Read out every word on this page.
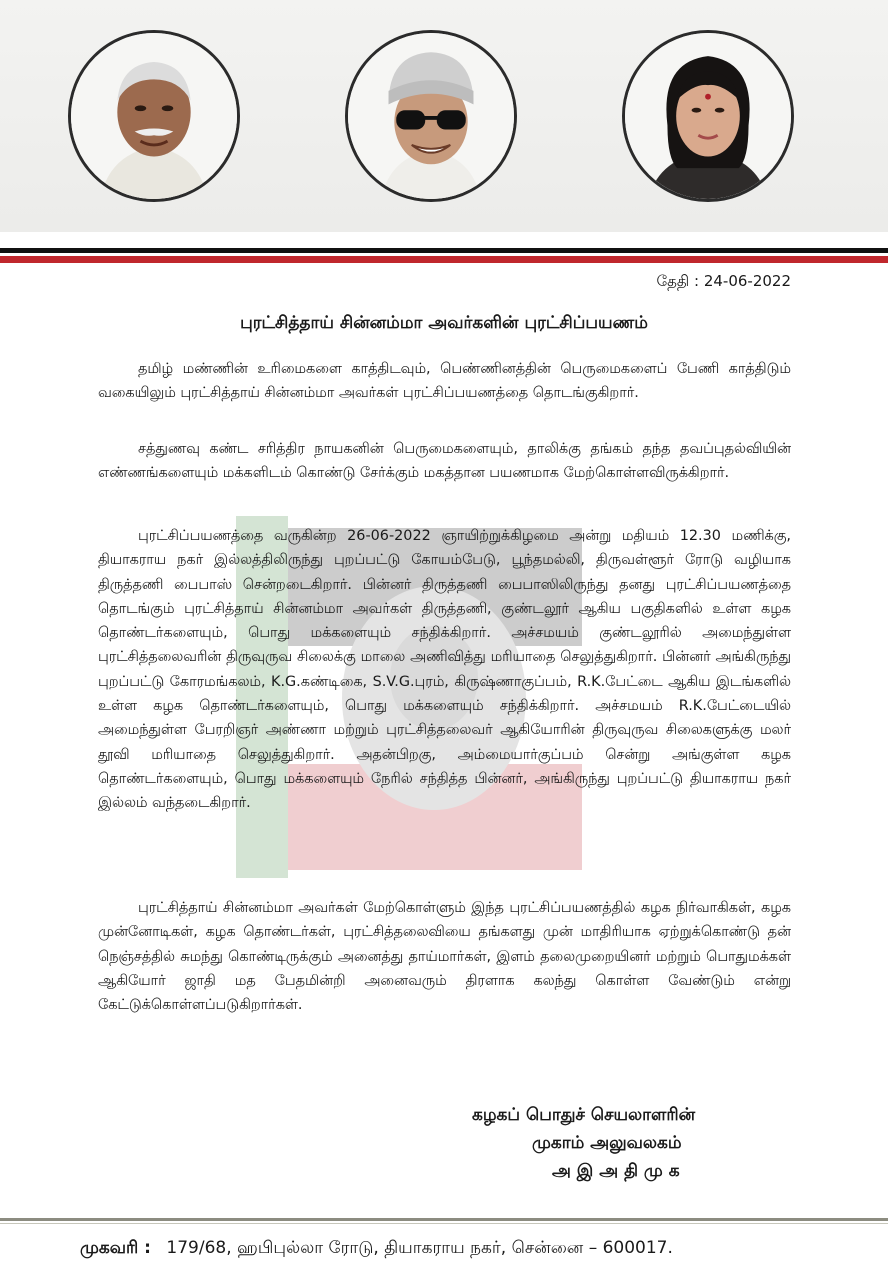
தேதி : 24-06-2022
புரட்சித்தாய் சின்னம்மா அவர்களின் புரட்சிப்பயணம்

தமிழ் மண்ணின் உரிமைகளை காத்திடவும், பெண்ணினத்தின் பெருமைகளைப் பேணி காத்திடும் வகையிலும் புரட்சித்தாய் சின்னம்மா அவர்கள் புரட்சிப்பயணத்தை தொடங்குகிறார்.

சத்துணவு கண்ட சரித்திர நாயகனின் பெருமைகளையும், தாலிக்கு தங்கம் தந்த தவப்புதல்வியின் எண்ணங்களையும் மக்களிடம் கொண்டு சேர்க்கும் மகத்தான பயணமாக மேற்கொள்ளவிருக்கிறார்.

புரட்சிப்பயணத்தை வருகின்ற 26-06-2022 ஞாயிற்றுக்கிழமை அன்று மதியம் 12.30 மணிக்கு, தியாகராய நகர் இல்லத்திலிருந்து புறப்பட்டு கோயம்பேடு, பூந்தமல்லி, திருவள்ளூர் ரோடு வழியாக திருத்தணி பைபாஸ் சென்றடைகிறார். பின்னர் திருத்தணி பைபாஸிலிருந்து தனது புரட்சிப்பயணத்தை தொடங்கும் புரட்சித்தாய் சின்னம்மா அவர்கள் திருத்தணி, குண்டலூர் ஆகிய பகுதிகளில் உள்ள கழக தொண்டர்களையும், பொது மக்களையும் சந்திக்கிறார். அச்சமயம் குண்டலூரில் அமைந்துள்ள புரட்சித்தலைவரின் திருவுருவ சிலைக்கு மாலை அணிவித்து மரியாதை செலுத்துகிறார். பின்னர் அங்கிருந்து புறப்பட்டு கோரமங்கலம், K.G.கண்டிகை, S.V.G.புரம், கிருஷ்ணாகுப்பம், R.K.பேட்டை ஆகிய இடங்களில் உள்ள கழக தொண்டர்களையும், பொது மக்களையும் சந்திக்கிறார். அச்சமயம் R.K.பேட்டையில் அமைந்துள்ள பேரறிஞர் அண்ணா மற்றும் புரட்சித்தலைவர் ஆகியோரின் திருவுருவ சிலைகளுக்கு மலர் தூவி மரியாதை செலுத்துகிறார். அதன்பிறகு, அம்மையார்குப்பம் சென்று அங்குள்ள கழக தொண்டர்களையும், பொது மக்களையும் நேரில் சந்தித்த பின்னர், அங்கிருந்து புறப்பட்டு தியாகராய நகர் இல்லம் வந்தடைகிறார்.

புரட்சித்தாய் சின்னம்மா அவர்கள் மேற்கொள்ளும் இந்த புரட்சிப்பயணத்தில் கழக நிர்வாகிகள், கழக முன்னோடிகள், கழக தொண்டர்கள், புரட்சித்தலைவியை தங்களது முன் மாதிரியாக ஏற்றுக்கொண்டு தன் நெஞ்சத்தில் சுமந்து கொண்டிருக்கும் அனைத்து தாய்மார்கள், இளம் தலைமுறையினர் மற்றும் பொதுமக்கள் ஆகியோர் ஜாதி மத பேதமின்றி அனைவரும் திரளாக கலந்து கொள்ள வேண்டும் என்று கேட்டுக்கொள்ளப்படுகிறார்கள்.

கழகப் பொதுச் செயலாளரின்
முகாம் அலுவலகம்
அ இ அ தி மு க
முகவரி : 179/68, ஹபிபுல்லா ரோடு, தியாகராய நகர், சென்னை – 600017.
